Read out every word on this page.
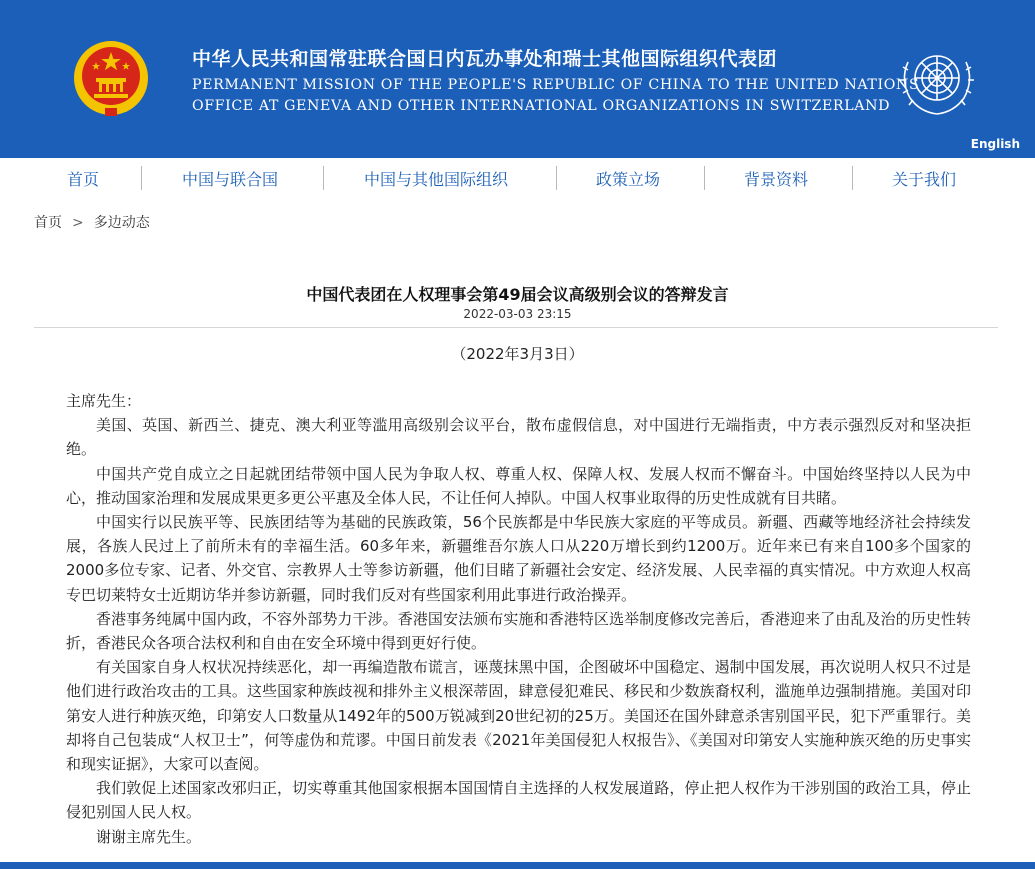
中华人民共和国常驻联合国日内瓦办事处和瑞士其他国际组织代表团
PERMANENT MISSION OF THE PEOPLE'S REPUBLIC OF CHINA TO THE UNITED NATIONS
OFFICE AT GENEVA AND OTHER INTERNATIONAL ORGANIZATIONS IN SWITZERLAND
English
首页	中国与联合国	中国与其他国际组织	政策立场	背景资料	关于我们
首页 > 多边动态
中国代表团在人权理事会第49届会议高级别会议的答辩发言
2022-03-03 23:15
（2022年3月3日）

主席先生：

美国、英国、新西兰、捷克、澳大利亚等滥用高级别会议平台，散布虚假信息，对中国进行无端指责，中方表示强烈反对和坚决拒绝。

中国共产党自成立之日起就团结带领中国人民为争取人权、尊重人权、保障人权、发展人权而不懈奋斗。中国始终坚持以人民为中心，推动国家治理和发展成果更多更公平惠及全体人民，不让任何人掉队。中国人权事业取得的历史性成就有目共睹。

中国实行以民族平等、民族团结等为基础的民族政策，56个民族都是中华民族大家庭的平等成员。新疆、西藏等地经济社会持续发展，各族人民过上了前所未有的幸福生活。60多年来，新疆维吾尔族人口从220万增长到约1200万。近年来已有来自100多个国家的2000多位专家、记者、外交官、宗教界人士等参访新疆，他们目睹了新疆社会安定、经济发展、人民幸福的真实情况。中方欢迎人权高专巴切莱特女士近期访华并参访新疆，同时我们反对有些国家利用此事进行政治操弄。

香港事务纯属中国内政，不容外部势力干涉。香港国安法颁布实施和香港特区选举制度修改完善后，香港迎来了由乱及治的历史性转折，香港民众各项合法权利和自由在安全环境中得到更好行使。

有关国家自身人权状况持续恶化，却一再编造散布谎言，诬蔑抹黑中国，企图破坏中国稳定、遏制中国发展，再次说明人权只不过是他们进行政治攻击的工具。这些国家种族歧视和排外主义根深蒂固，肆意侵犯难民、移民和少数族裔权利，滥施单边强制措施。美国对印第安人进行种族灭绝，印第安人口数量从1492年的500万锐减到20世纪初的25万。美国还在国外肆意杀害别国平民，犯下严重罪行。美却将自己包装成“人权卫士”，何等虚伪和荒谬。中国日前发表《2021年美国侵犯人权报告》、《美国对印第安人实施种族灭绝的历史事实和现实证据》，大家可以查阅。

我们敦促上述国家改邪归正，切实尊重其他国家根据本国国情自主选择的人权发展道路，停止把人权作为干涉别国的政治工具，停止侵犯别国人民人权。

谢谢主席先生。
